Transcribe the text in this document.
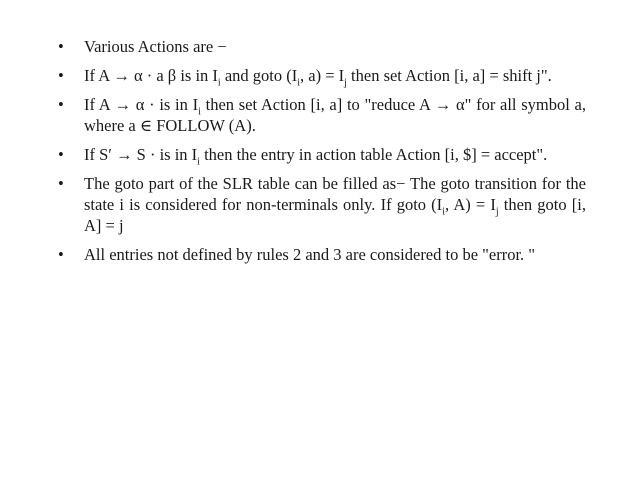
• Various Actions are −
• If A → α · a β is in $I_i$ and goto ($I_i$, $a) = I_j$ then set Action [i, a] = shift j".
• If A → α · is in $I_i$ then set Action [i, a] to "reduce A → α" for all symbol a, where a ∈ FOLLOW (A).
• If S′ → S · is in $I_i$ then the entry in action table Action [i, $] = accept".
• The goto part of the SLR table can be filled as− The goto transition for the state i is considered for non-terminals only. If goto ($I_i$, $A) = I_j$ then goto [i, A] = j
• All entries not defined by rules 2 and 3 are considered to be "error. "
